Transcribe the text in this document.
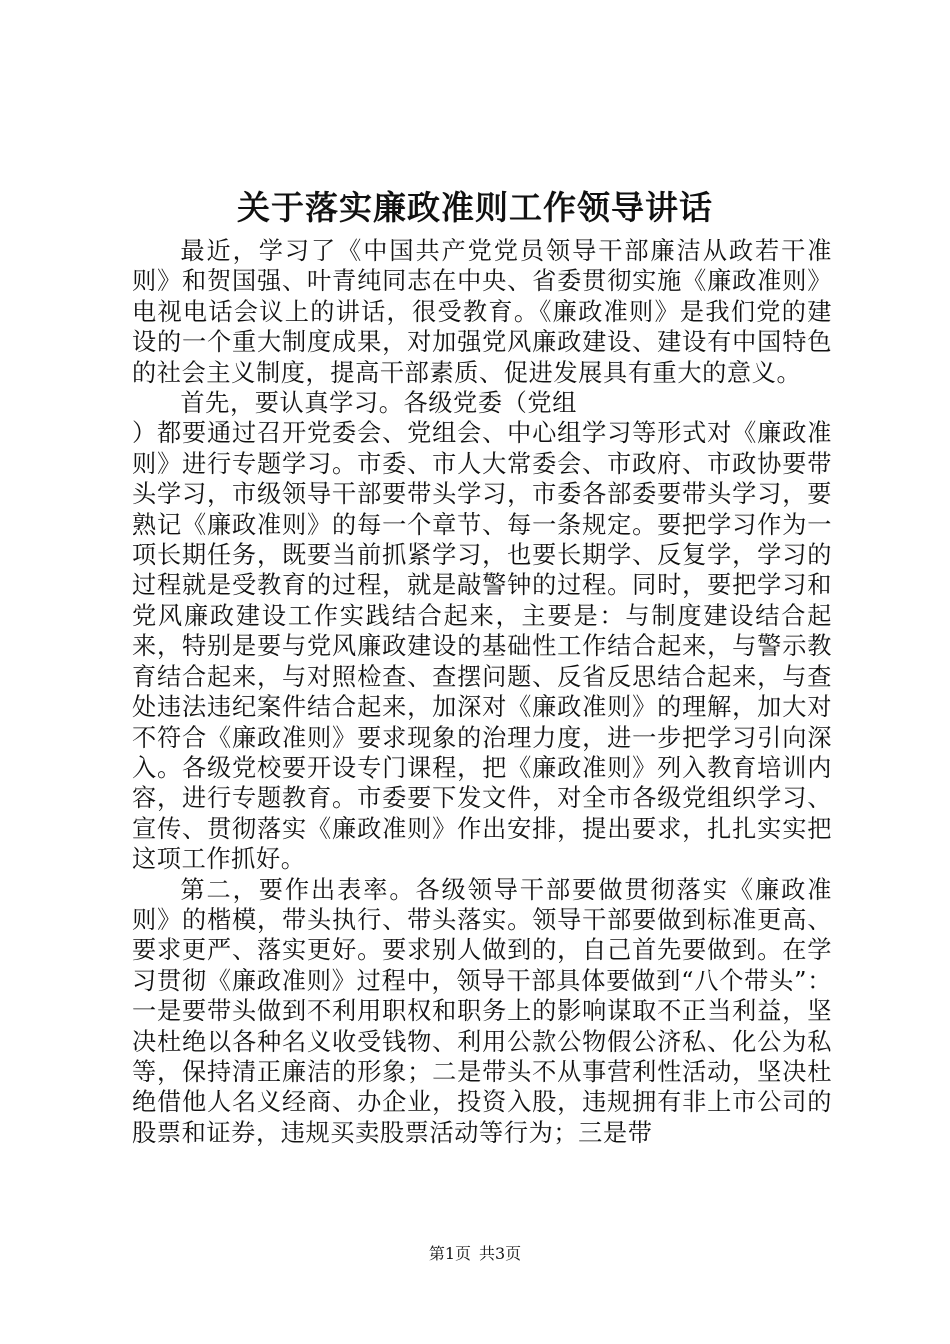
关于落实廉政准则工作领导讲话

最近，学习了《中国共产党党员领导干部廉洁从政若干准则》和贺国强、叶青纯同志在中央、省委贯彻实施《廉政准则》电视电话会议上的讲话，很受教育。《廉政准则》是我们党的建设的一个重大制度成果，对加强党风廉政建设、建设有中国特色的社会主义制度，提高干部素质、促进发展具有重大的意义。

首先，要认真学习。各级党委（党组

）都要通过召开党委会、党组会、中心组学习等形式对《廉政准则》进行专题学习。市委、市人大常委会、市政府、市政协要带头学习，市级领导干部要带头学习，市委各部委要带头学习，要熟记《廉政准则》的每一个章节、每一条规定。要把学习作为一项长期任务，既要当前抓紧学习，也要长期学、反复学，学习的过程就是受教育的过程，就是敲警钟的过程。同时，要把学习和党风廉政建设工作实践结合起来，主要是：与制度建设结合起来，特别是要与党风廉政建设的基础性工作结合起来，与警示教育结合起来，与对照检查、查摆问题、反省反思结合起来，与查处违法违纪案件结合起来，加深对《廉政准则》的理解，加大对不符合《廉政准则》要求现象的治理力度，进一步把学习引向深入。各级党校要开设专门课程，把《廉政准则》列入教育培训内容，进行专题教育。市委要下发文件，对全市各级党组织学习、宣传、贯彻落实《廉政准则》作出安排，提出要求，扎扎实实把这项工作抓好。

第二，要作出表率。各级领导干部要做贯彻落实《廉政准则》的楷模，带头执行、带头落实。领导干部要做到标准更高、要求更严、落实更好。要求别人做到的，自己首先要做到。在学习贯彻《廉政准则》过程中，领导干部具体要做到“八个带头”：一是要带头做到不利用职权和职务上的影响谋取不正当利益，坚决杜绝以各种名义收受钱物、利用公款公物假公济私、化公为私等，保持清正廉洁的形象；二是带头不从事营利性活动，坚决杜绝借他人名义经商、办企业，投资入股，违规拥有非上市公司的股票和证券，违规买卖股票活动等行为；三是带

第1页 共3页
